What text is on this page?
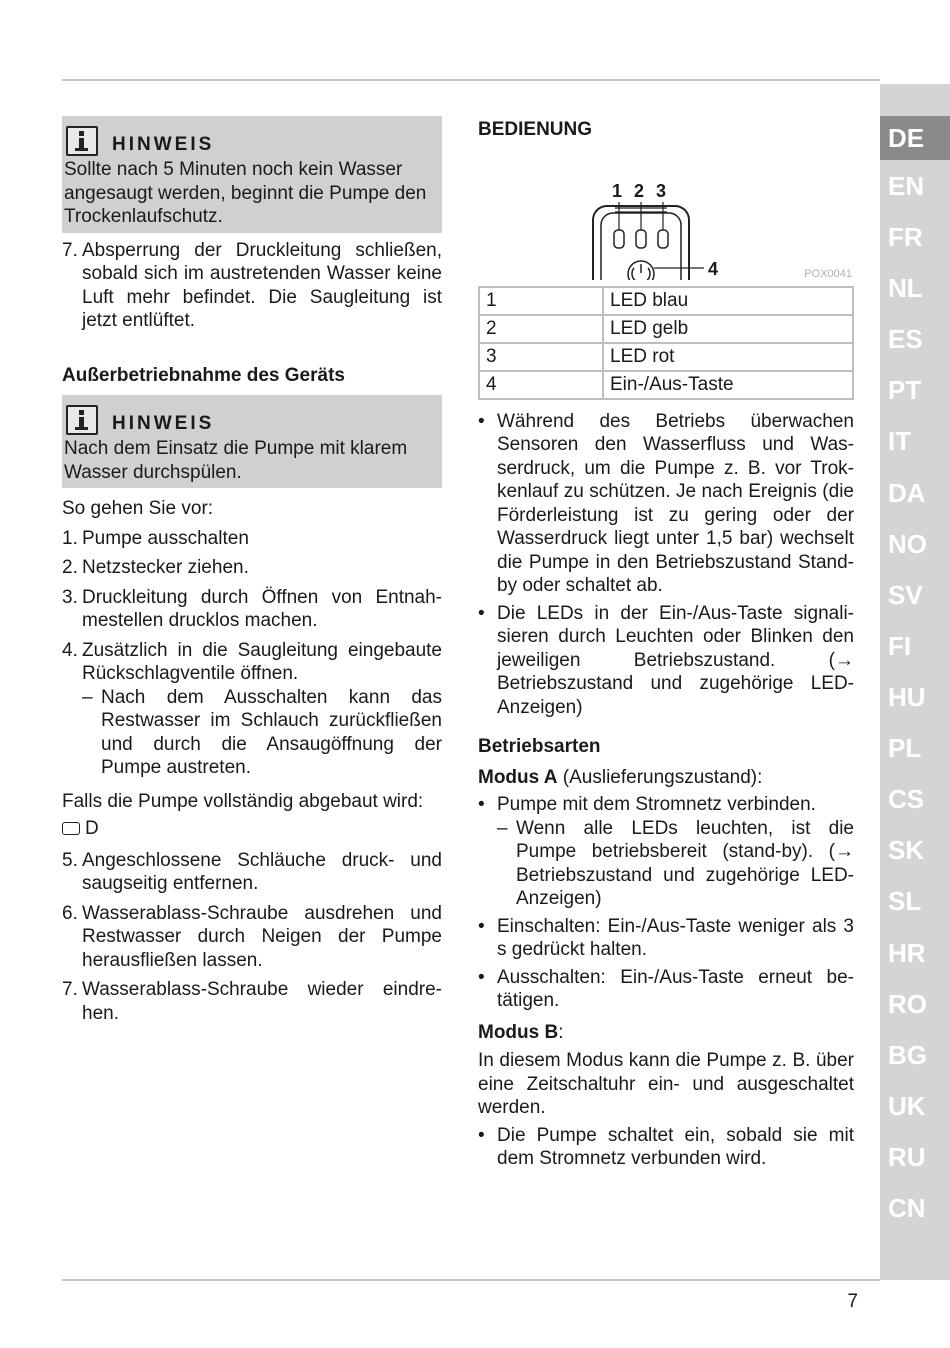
DE
EN
FR
NL
ES
PT
IT
DA
NO
SV
FI
HU
PL
CS
SK
SL
HR
RO
BG
UK
RU
CN
HINWEIS
Sollte nach 5 Minuten noch kein Wasser angesaugt werden, beginnt die Pumpe den Trockenlaufschutz.
7. Absperrung der Druckleitung schließen, sobald sich im austretenden Wasser keine Luft mehr befindet. Die Saugleitung ist jetzt entlüftet.
Außerbetriebnahme des Geräts
HINWEIS
Nach dem Einsatz die Pumpe mit klarem Wasser durchspülen.
So gehen Sie vor:
1. Pumpe ausschalten
2. Netzstecker ziehen.
3. Druckleitung durch Öffnen von Entnahmestellen drucklos machen.
4. Zusätzlich in die Saugleitung eingebaute Rückschlagventile öffnen.
– Nach dem Ausschalten kann das Restwasser im Schlauch zurückfließen und durch die Ansaugöffnung der Pumpe austreten.
Falls die Pumpe vollständig abgebaut wird:
D
5. Angeschlossene Schläuche druck- und saugseitig entfernen.
6. Wasserablass-Schraube ausdrehen und Restwasser durch Neigen der Pumpe herausfließen lassen.
7. Wasserablass-Schraube wieder eindrehen.
BEDIENUNG
1 2 3
4	POX0041
1	LED blau
2	LED gelb
3	LED rot
4	Ein-/Aus-Taste
• Während des Betriebs überwachen Sensoren den Wasserfluss und Wasserdruck, um die Pumpe z. B. vor Trokkenlauf zu schützen. Je nach Ereignis (die Förderleistung ist zu gering oder der Wasserdruck liegt unter 1,5 bar) wechselt die Pumpe in den Betriebszustand Stand-by oder schaltet ab.
• Die LEDs in der Ein-/Aus-Taste signalisieren durch Leuchten oder Blinken den jeweiligen Betriebszustand. (→ Betriebszustand und zugehörige LED-Anzeigen)
Betriebsarten
Modus A (Auslieferungszustand):
• Pumpe mit dem Stromnetz verbinden.
– Wenn alle LEDs leuchten, ist die Pumpe betriebsbereit (stand-by). (→ Betriebszustand und zugehörige LED-Anzeigen)
• Einschalten: Ein-/Aus-Taste weniger als 3 s gedrückt halten.
• Ausschalten: Ein-/Aus-Taste erneut betätigen.
Modus B:
In diesem Modus kann die Pumpe z. B. über eine Zeitschaltuhr ein- und ausgeschaltet werden.
• Die Pumpe schaltet ein, sobald sie mit dem Stromnetz verbunden wird.
7
